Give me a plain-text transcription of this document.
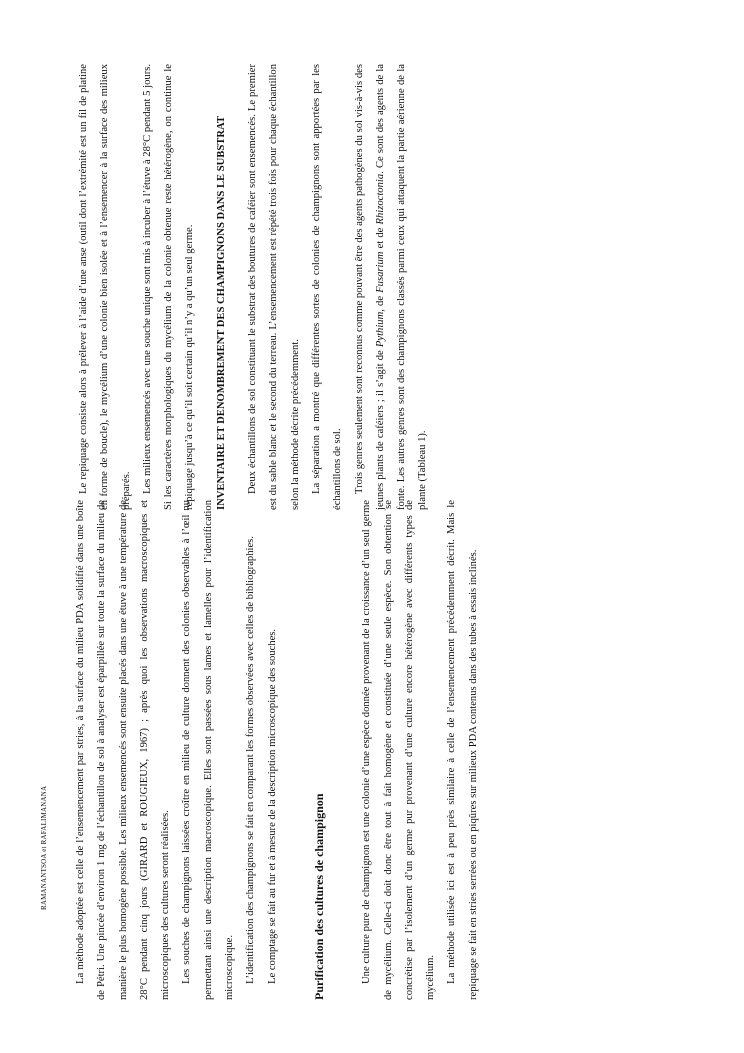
RAMANANTSOA et RAFALIMANANA	La méthode adoptée est celle de l’ensemencement par stries, à la surface du milieu PDA solidifié dans une boîte de Pétri. Une pincée d’environ 1 mg de l’échantillon de sol à analyser est éparpillée sur toute la surface du milieu de manière le plus homogène possible. Les milieux ensemencés sont ensuite placés dans une étuve à une température de 28°C pendant cinq jours (GIRARD et ROUGIEUX, 1967) ; après quoi les observations macroscopiques et microscopiques des cultures seront réalisées. Les souches de champignons laissées croître en milieu de culture donnent des colonies observables à l’œil nu permettant ainsi une description macroscopique. Elles sont passées sous lames et lamelles pour l’identification microscopique. L’identification des champignons se fait en comparant les formes observées avec celles de bibliographies. Le comptage se fait au fur et à mesure de la description microscopique des souches.	Purification des cultures de champignon	Une culture pure de champignon est une colonie d’une espèce donnée provenant de la croissance d’un seul germe de mycélium. Celle-ci doit donc être tout à fait homogène et constituée d’une seule espèce. Son obtention se concrétise par l’isolement d’un germe pur provenant d’une culture encore hétérogène avec différents types de mycélium. La méthode utilisée ici est à peu près similaire à celle de l’ensemencement précédemment décrit. Mais le repiquage se fait en stries serrées ou en piqûres sur milieux PDA contenus dans des tubes à essais inclinés.

Le repiquage consiste alors à prélever à l’aide d’une anse (outil dont l’extrémité est un fil de platine en forme de boucle), le mycélium d’une colonie bien isolée et à l’ensemencer à la surface des milieux préparés. Les milieux ensemencés avec une souche unique sont mis à incuber à l’étuve à 28°C pendant 5 jours. Si les caractères morphologiques du mycélium de la colonie obtenue reste hétérogène, on continue le repiquage jusqu’à ce qu’il soit certain qu’il n’y a qu’un seul germe.	INVENTAIRE ET DENOMBREMENT DES CHAMPIGNONS DANS LE SUBSTRAT	Deux échantillons de sol constituant le substrat des boutures de caféier sont ensemencés. Le premier est du sable blanc et le second du terreau. L’ensemencement est répété trois fois pour chaque échantillon selon la méthode décrite précédemment. La séparation a montré que différentes sortes de colonies de champignons sont apportées par les échantillons de sol. Trois genres seulement sont reconnus comme pouvant être des agents pathogènes du sol vis-à-vis des jeunes plants de caféiers ; il s’agit de Pythium, de Fusarium et de Rhizoctonia. Ce sont des agents de la fonte. Les autres genres sont des champignons classés parmi ceux qui attaquent la partie aérienne de la plante (Tableau 1).
